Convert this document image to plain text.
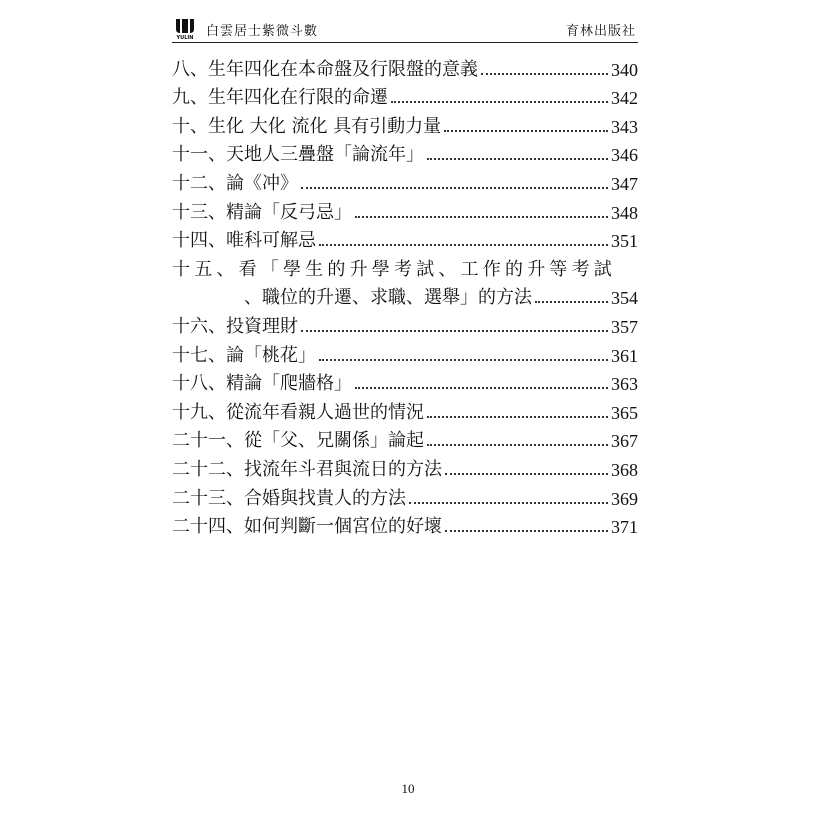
YULIN 白雲居士紫微斗數	育林出版社
八、生年四化在本命盤及行限盤的意義	340
九、生年四化在行限的命遷	342
十、生化 大化 流化 具有引動力量	343
十一、天地人三疊盤「論流年」	346
十二、論《冲》	347
十三、精論「反弓忌」	348
十四、唯科可解忌	351
十五、看「學生的升學考試、工作的升等考試
、職位的升遷、求職、選舉」的方法	354
十六、投資理財	357
十七、論「桃花」	361
十八、精論「爬牆格」	363
十九、從流年看親人過世的情況	365
二十一、從「父、兄關係」論起	367
二十二、找流年斗君與流日的方法	368
二十三、合婚與找貴人的方法	369
二十四、如何判斷一個宮位的好壞	371
10
